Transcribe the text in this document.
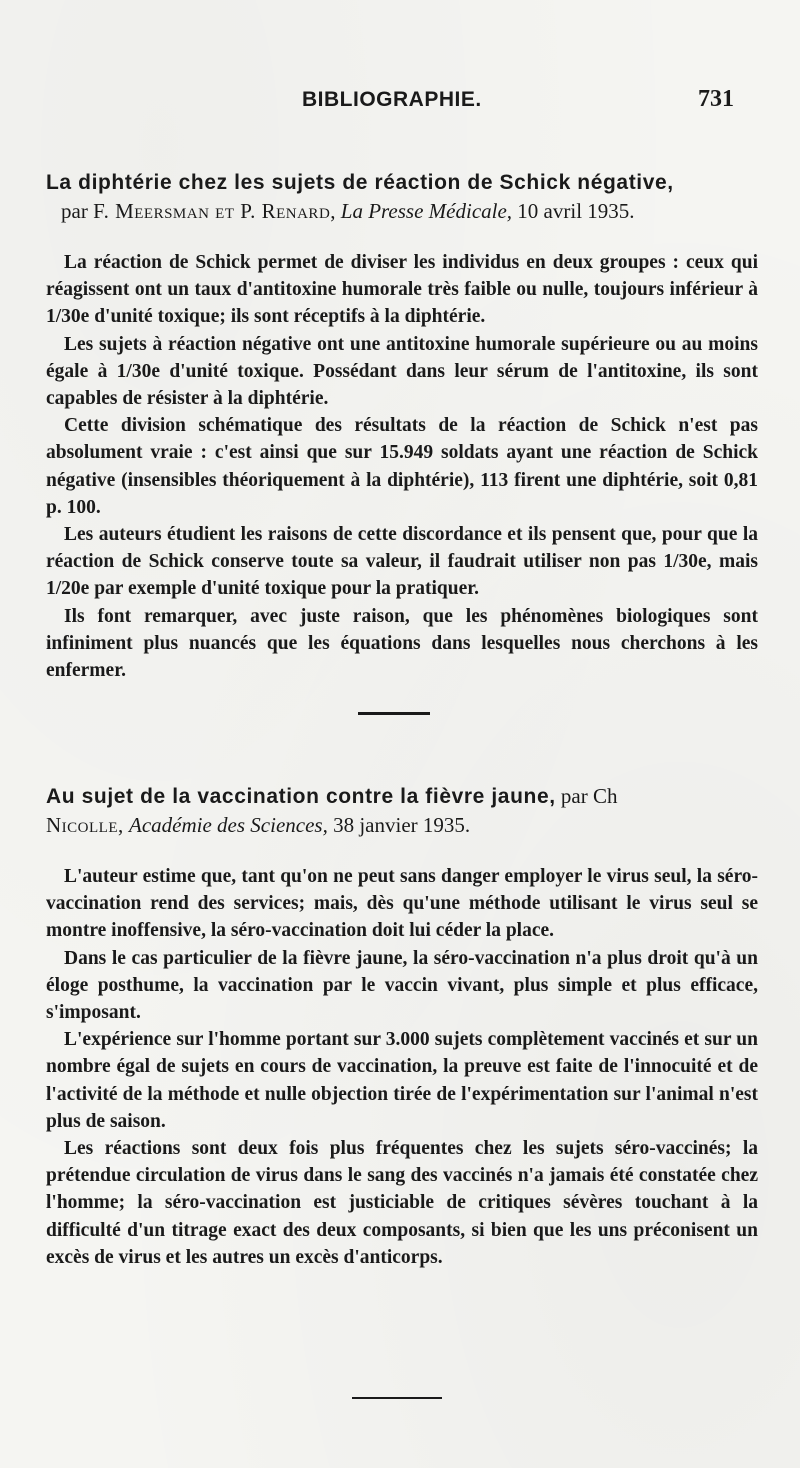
BIBLIOGRAPHIE.	731

La diphtérie chez les sujets de réaction de Schick négative,
par F. Meersman et P. Renard, La Presse Médicale, 10 avril 1935.

La réaction de Schick permet de diviser les individus en deux groupes : ceux qui réagissent ont un taux d'antitoxine humorale très faible ou nulle, toujours inférieur à 1/30e d'unité toxique; ils sont réceptifs à la diphtérie.

Les sujets à réaction négative ont une antitoxine humorale supérieure ou au moins égale à 1/30e d'unité toxique. Possédant dans leur sérum de l'antitoxine, ils sont capables de résister à la diphtérie.

Cette division schématique des résultats de la réaction de Schick n'est pas absolument vraie : c'est ainsi que sur 15.949 soldats ayant une réaction de Schick négative (insensibles théoriquement à la diphtérie), 113 firent une diphtérie, soit 0,81 p. 100.

Les auteurs étudient les raisons de cette discordance et ils pensent que, pour que la réaction de Schick conserve toute sa valeur, il faudrait utiliser non pas 1/30e, mais 1/20e par exemple d'unité toxique pour la pratiquer.

Ils font remarquer, avec juste raison, que les phénomènes biologiques sont infiniment plus nuancés que les équations dans lesquelles nous cherchons à les enfermer.

Au sujet de la vaccination contre la fièvre jaune, par Ch
Nicolle, Académie des Sciences, 38 janvier 1935.

L'auteur estime que, tant qu'on ne peut sans danger employer le virus seul, la séro-vaccination rend des services; mais, dès qu'une méthode utilisant le virus seul se montre inoffensive, la séro-vaccination doit lui céder la place.

Dans le cas particulier de la fièvre jaune, la séro-vaccination n'a plus droit qu'à un éloge posthume, la vaccination par le vaccin vivant, plus simple et plus efficace, s'imposant.

L'expérience sur l'homme portant sur 3.000 sujets complètement vaccinés et sur un nombre égal de sujets en cours de vaccination, la preuve est faite de l'innocuité et de l'activité de la méthode et nulle objection tirée de l'expérimentation sur l'animal n'est plus de saison.

Les réactions sont deux fois plus fréquentes chez les sujets séro-vaccinés; la prétendue circulation de virus dans le sang des vaccinés n'a jamais été constatée chez l'homme; la séro-vaccination est justiciable de critiques sévères touchant à la difficulté d'un titrage exact des deux composants, si bien que les uns préconisent un excès de virus et les autres un excès d'anticorps.
